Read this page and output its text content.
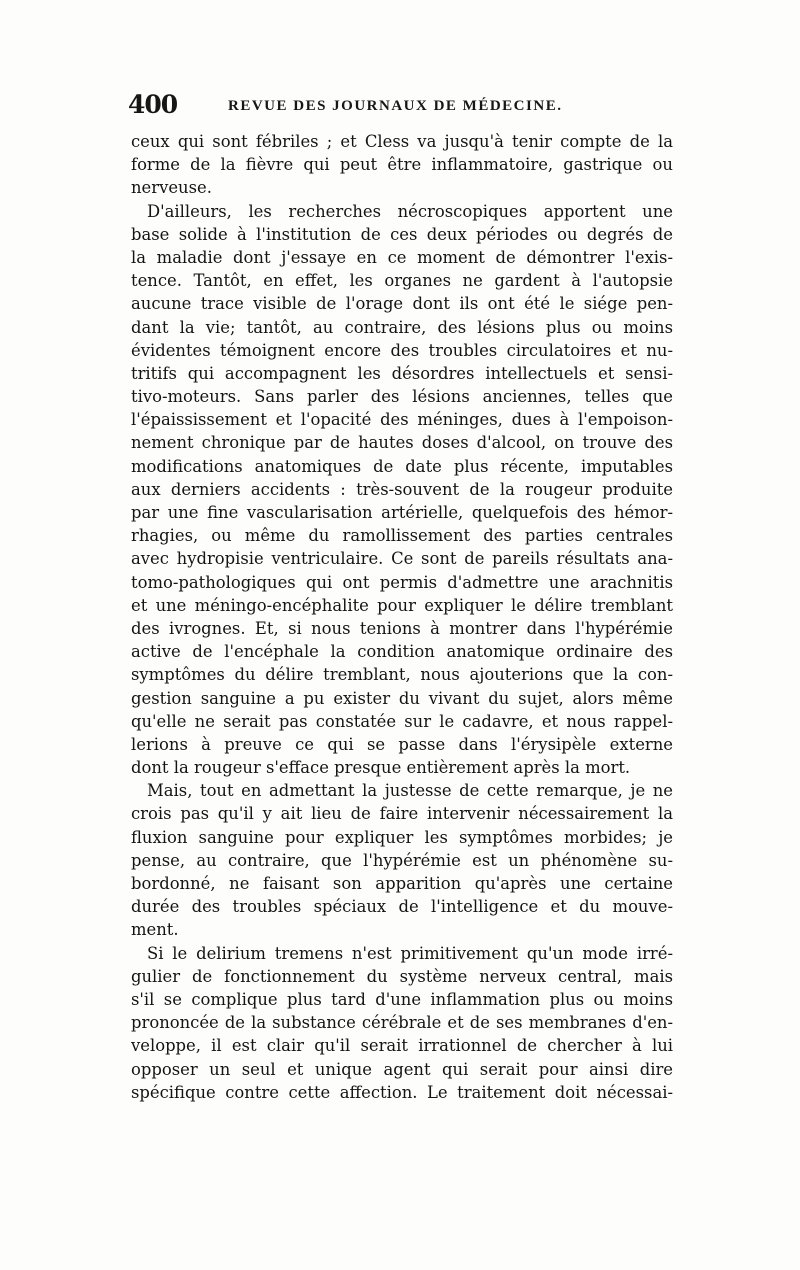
400	REVUE DES JOURNAUX DE MÉDECINE.
ceux qui sont fébriles ; et Cless va jusqu'à tenir compte de la
forme de la fièvre qui peut être inflammatoire, gastrique ou
nerveuse.
D'ailleurs, les recherches nécroscopiques apportent une
base solide à l'institution de ces deux périodes ou degrés de
la maladie dont j'essaye en ce moment de démontrer l'exis-
tence. Tantôt, en effet, les organes ne gardent à l'autopsie
aucune trace visible de l'orage dont ils ont été le siége pen-
dant la vie; tantôt, au contraire, des lésions plus ou moins
évidentes témoignent encore des troubles circulatoires et nu-
tritifs qui accompagnent les désordres intellectuels et sensi-
tivo-moteurs. Sans parler des lésions anciennes, telles que
l'épaississement et l'opacité des méninges, dues à l'empoison-
nement chronique par de hautes doses d'alcool, on trouve des
modifications anatomiques de date plus récente, imputables
aux derniers accidents : très-souvent de la rougeur produite
par une fine vascularisation artérielle, quelquefois des hémor-
rhagies, ou même du ramollissement des parties centrales
avec hydropisie ventriculaire. Ce sont de pareils résultats ana-
tomo-pathologiques qui ont permis d'admettre une arachnitis
et une méningo-encéphalite pour expliquer le délire tremblant
des ivrognes. Et, si nous tenions à montrer dans l'hypérémie
active de l'encéphale la condition anatomique ordinaire des
symptômes du délire tremblant, nous ajouterions que la con-
gestion sanguine a pu exister du vivant du sujet, alors même
qu'elle ne serait pas constatée sur le cadavre, et nous rappel-
lerions à preuve ce qui se passe dans l'érysipèle externe
dont la rougeur s'efface presque entièrement après la mort.
Mais, tout en admettant la justesse de cette remarque, je ne
crois pas qu'il y ait lieu de faire intervenir nécessairement la
fluxion sanguine pour expliquer les symptômes morbides; je
pense, au contraire, que l'hypérémie est un phénomène su-
bordonné, ne faisant son apparition qu'après une certaine
durée des troubles spéciaux de l'intelligence et du mouve-
ment.
Si le delirium tremens n'est primitivement qu'un mode irré-
gulier de fonctionnement du système nerveux central, mais
s'il se complique plus tard d'une inflammation plus ou moins
prononcée de la substance cérébrale et de ses membranes d'en-
veloppe, il est clair qu'il serait irrationnel de chercher à lui
opposer un seul et unique agent qui serait pour ainsi dire
spécifique contre cette affection. Le traitement doit nécessai-
